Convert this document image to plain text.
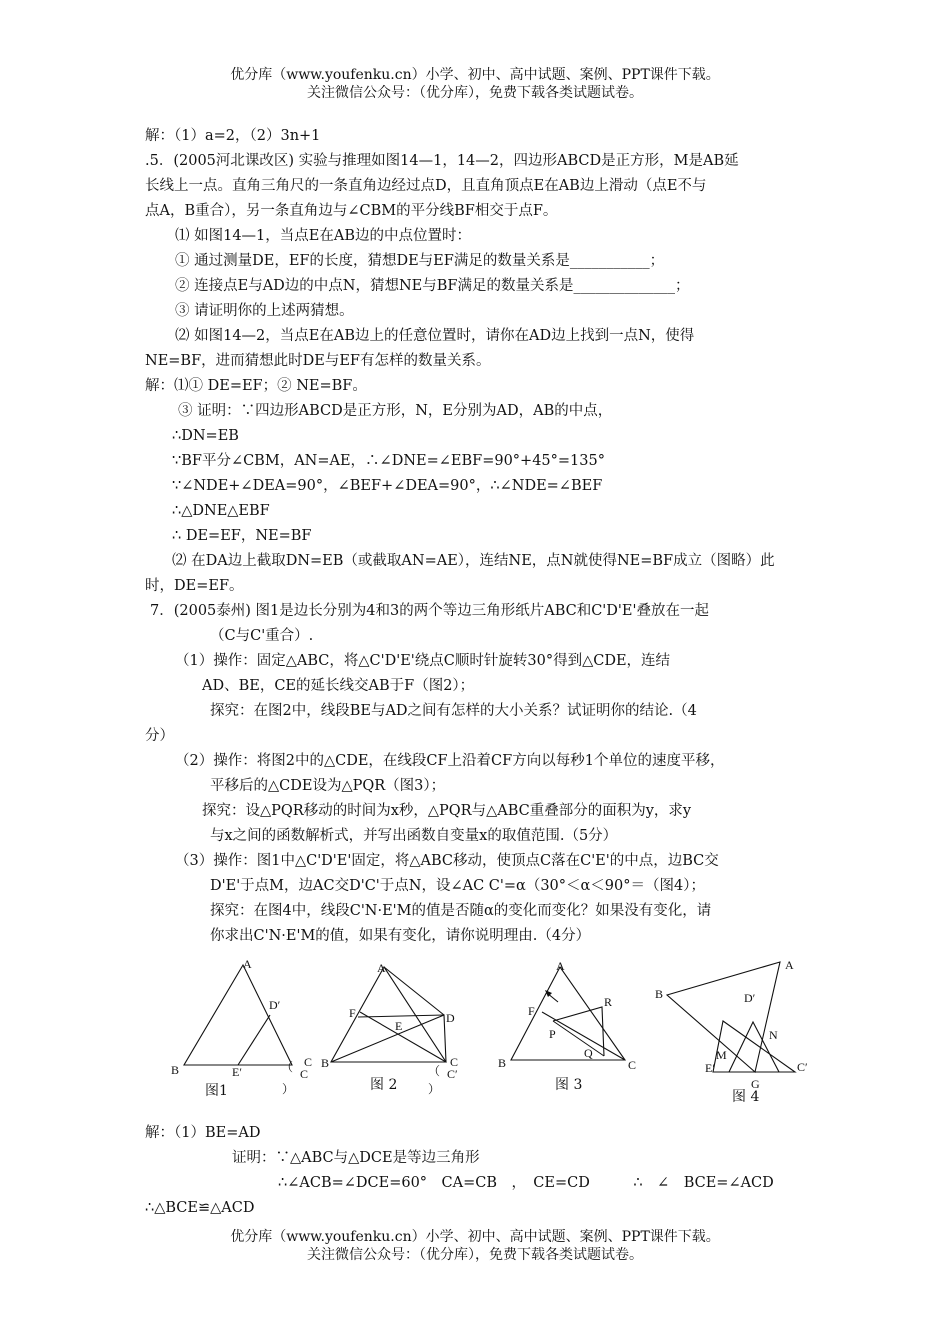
优分库（www.youfenku.cn）小学、初中、高中试题、案例、PPT课件下载。
关注微信公众号：（优分库），免费下载各类试题试卷。
解：（1）a=2，（2）3n+1
.5．(2005河北课改区) 实验与推理如图14—1，14—2，四边形ABCD是正方形，M是AB延
长线上一点。直角三角尺的一条直角边经过点D，且直角顶点E在AB边上滑动（点E不与
点A，B重合），另一条直角边与∠CBM的平分线BF相交于点F。
⑴ 如图14—1，当点E在AB边的中点位置时：
① 通过测量DE，EF的长度，猜想DE与EF满足的数量关系是___________；
② 连接点E与AD边的中点N，猜想NE与BF满足的数量关系是______________；
③ 请证明你的上述两猜想。
⑵ 如图14—2，当点E在AB边上的任意位置时，请你在AD边上找到一点N，使得
NE=BF，进而猜想此时DE与EF有怎样的数量关系。
解：⑴① DE=EF；② NE=BF。
③ 证明：∵四边形ABCD是正方形，N，E分别为AD，AB的中点，
∴DN=EB
∵BF平分∠CBM，AN=AE，∴∠DNE=∠EBF=90°+45°=135°
∵∠NDE+∠DEA=90°，∠BEF+∠DEA=90°，∴∠NDE=∠BEF
∴△DNE△EBF
∴ DE=EF，NE=BF
⑵ 在DA边上截取DN=EB（或截取AN=AE），连结NE，点N就使得NE=BF成立（图略）此
时，DE=EF。
7．(2005泰州) 图1是边长分别为4和3的两个等边三角形纸片ABC和C'D'E'叠放在一起
（C与C'重合）.
（1）操作：固定△ABC，将△C'D'E'绕点C顺时针旋转30°得到△CDE，连结
AD、BE，CE的延长线交AB于F（图2）；
探究：在图2中，线段BE与AD之间有怎样的大小关系？试证明你的结论.（4
分）
（2）操作：将图2中的△CDE，在线段CF上沿着CF方向以每秒1个单位的速度平移，
平移后的△CDE设为△PQR（图3）；
探究：设△PQR移动的时间为x秒，△PQR与△ABC重叠部分的面积为y，求y
与x之间的函数解析式，并写出函数自变量x的取值范围.（5分）
（3）操作：图1中△C'D'E'固定，将△ABC移动，使顶点C落在C'E'的中点，边BC交
D'E'于点M，边AC交D'C'于点N，设∠AC C'=α（30°＜α＜90°＝（图4）；
探究：在图4中，线段C'N·E'M的值是否随α的变化而变化？如果没有变化，请
你求出C'N·E'M的值，如果有变化，请你说明理由.（4分）
A
D′
B	E′	（ C
）
图1
A
F	D
E
C B	C
（ C′
）
图 2
A
F
R
P
Q
B	C
图 3
A
B	D′
N
M
E′	C′
G
图 4
解：（1）BE=AD
证明：∵△ABC与△DCE是等边三角形
∴∠ACB=∠DCE=60°　CA=CB　，　CE=CD　　　∴　∠　BCE=∠ACD
∴△BCE≌△ACD
优分库（www.youfenku.cn）小学、初中、高中试题、案例、PPT课件下载。
关注微信公众号：（优分库），免费下载各类试题试卷。
